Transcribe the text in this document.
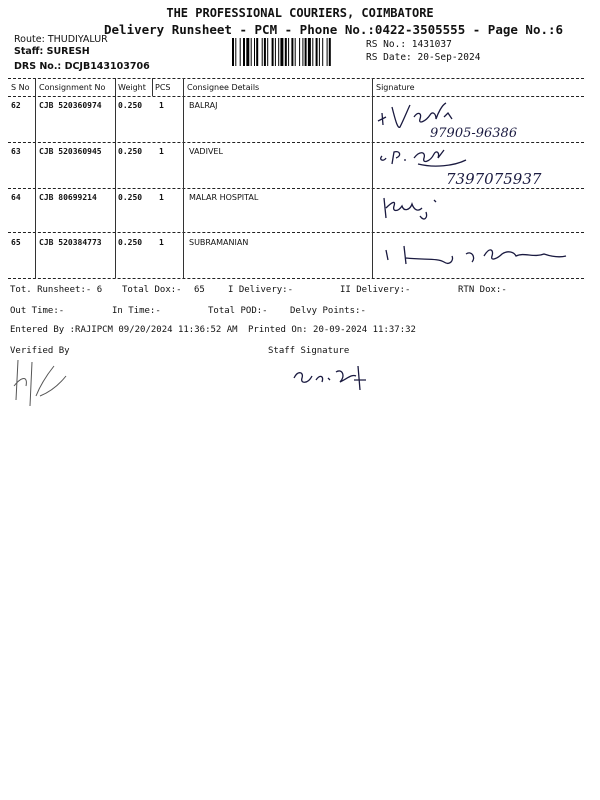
THE PROFESSIONAL COURIERS, COIMBATORE
Delivery Runsheet - PCM - Phone No.:0422-3505555 - Page No.:6
Route: THUDIYALUR
Staff: SURESH
DRS No.: DCJB143103706
RS No.: 1431037
RS Date: 20-Sep-2024
S No Consignment No Weight PCS Consignee Details	Signature
62 CJB 520360974 0.250 1	BALRAJ
97905-96386
63 CJB 520360945 0.250 1	VADIVEL
7397075937
64 CJB 80699214	0.250 1	MALAR HOSPITAL
65 CJB 520384773 0.250 1	SUBRAMANIAN
Tot. Runsheet:- 6 Total Dox:- 65	I Delivery:-	II Delivery:-	RTN Dox:-
Out Time:-	In Time:-	Total POD:- Delvy Points:-
Entered By :RAJIPCM 09/20/2024 11:36:52 AM Printed On: 20-09-2024 11:37:32
Verified By	Staff Signature
